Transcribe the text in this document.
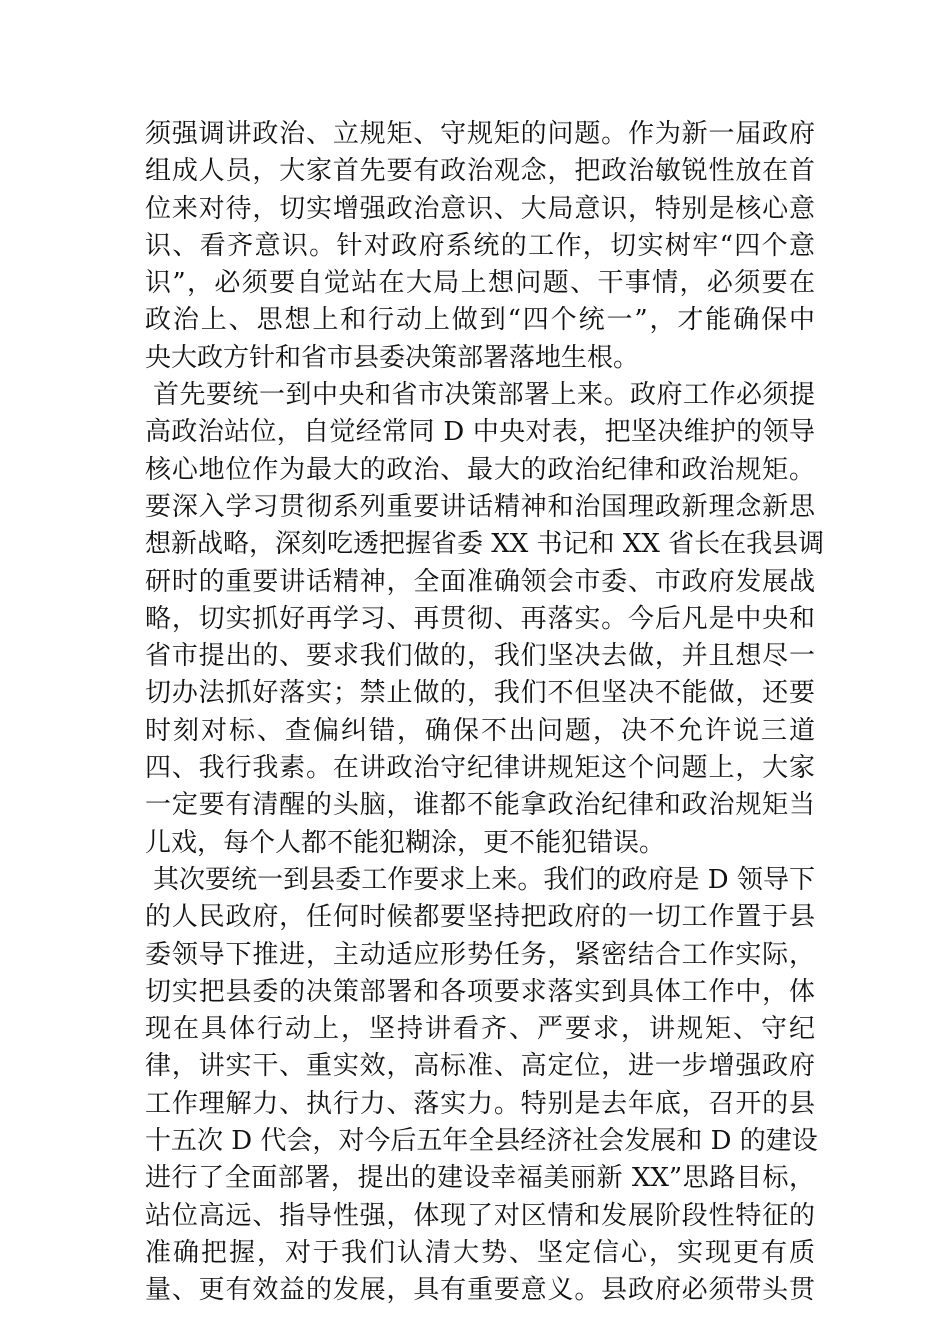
须强调讲政治、立规矩、守规矩的问题。作为新一届政府
组成人员，大家首先要有政治观念，把政治敏锐性放在首
位来对待，切实增强政治意识、大局意识，特别是核心意
识、看齐意识。针对政府系统的工作，切实树牢“四个意
识”，必须要自觉站在大局上想问题、干事情，必须要在
政治上、思想上和行动上做到“四个统一”，才能确保中
央大政方针和省市县委决策部署落地生根。
首先要统一到中央和省市决策部署上来。政府工作必须提
高政治站位，自觉经常同 D 中央对表，把坚决维护的领导
核心地位作为最大的政治、最大的政治纪律和政治规矩。
要深入学习贯彻系列重要讲话精神和治国理政新理念新思
想新战略，深刻吃透把握省委 XX 书记和 XX 省长在我县调
研时的重要讲话精神，全面准确领会市委、市政府发展战
略，切实抓好再学习、再贯彻、再落实。今后凡是中央和
省市提出的、要求我们做的，我们坚决去做，并且想尽一
切办法抓好落实；禁止做的，我们不但坚决不能做，还要
时刻对标、查偏纠错，确保不出问题，决不允许说三道
四、我行我素。在讲政治守纪律讲规矩这个问题上，大家
一定要有清醒的头脑，谁都不能拿政治纪律和政治规矩当
儿戏，每个人都不能犯糊涂，更不能犯错误。
其次要统一到县委工作要求上来。我们的政府是 D 领导下
的人民政府，任何时候都要坚持把政府的一切工作置于县
委领导下推进，主动适应形势任务，紧密结合工作实际，
切实把县委的决策部署和各项要求落实到具体工作中，体
现在具体行动上，坚持讲看齐、严要求，讲规矩、守纪
律，讲实干、重实效，高标准、高定位，进一步增强政府
工作理解力、执行力、落实力。特别是去年底，召开的县
十五次 D 代会，对今后五年全县经济社会发展和 D 的建设
进行了全面部署，提出的建设幸福美丽新 XX”思路目标，
站位高远、指导性强，体现了对区情和发展阶段性特征的
准确把握，对于我们认清大势、坚定信心，实现更有质
量、更有效益的发展，具有重要意义。县政府必须带头贯
